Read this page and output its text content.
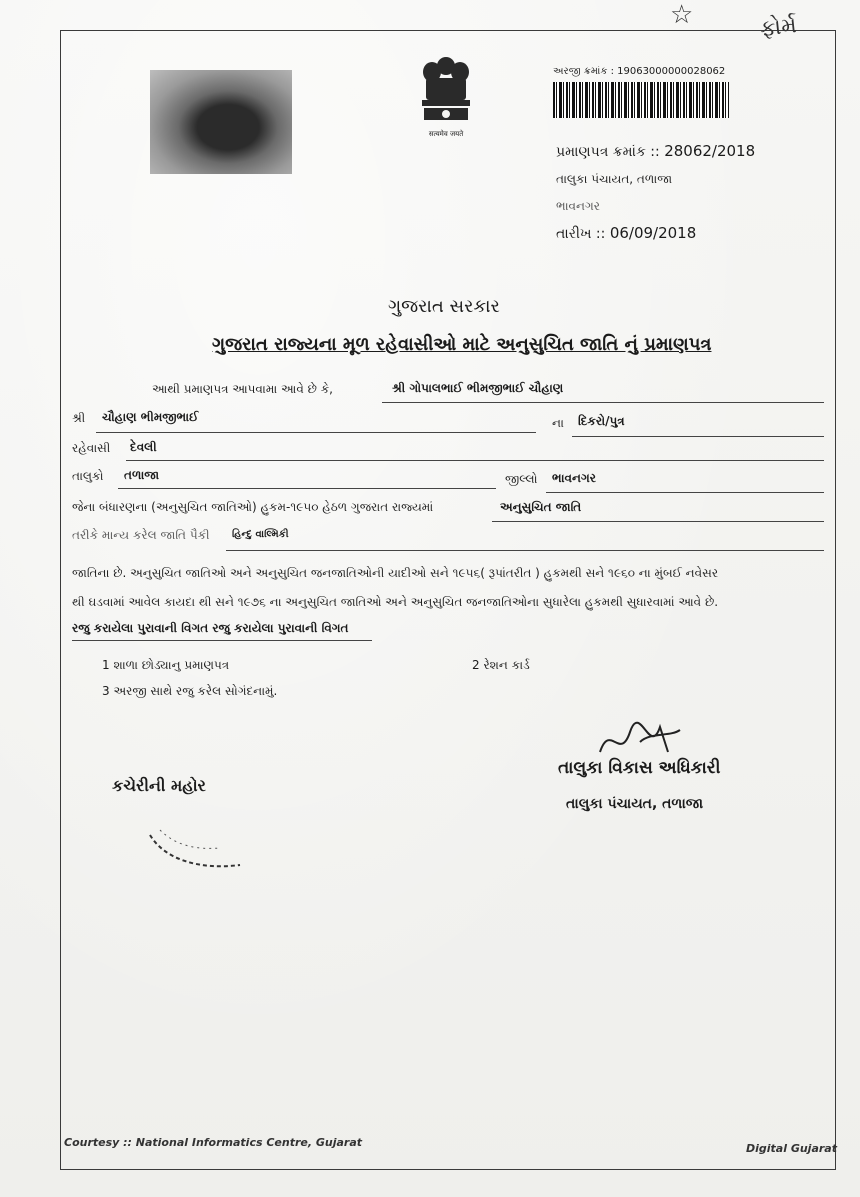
☆	ફોર્મ
सत्यमेव जयते
અરજી ક્રમાંક : 19063000000028062
પ્રમાણપત્ર ક્રમાંક :: 28062/2018
તાલુકા પંચાયત, તળાજા
ભાવનગર
તારીખ :: 06/09/2018
ગુજરાત સરકાર
ગુજરાત રાજ્યના મૂળ રહેવાસીઓ માટે અનુસુચિત જાતિ નું પ્રમાણપત્ર
આથી પ્રમાણપત્ર આપવામા આવે છે કે,	શ્રી ગોપાલભાઈ ભીમજીભાઈ ચૌહાણ
શ્રી ચૌહાણ ભીમજીભાઈ	ના દિકરો/પુત્ર
રહેવાસી દેવલી
તાલુકો તળાજા	જીલ્લો ભાવનગર
જેના બંધારણના (અનુસુચિત જાતિઓ) હુકમ-૧૯૫૦ હેઠળ ગુજરાત રાજ્યમાં	અનુસુચિત જાતિ
તરીકે માન્ય કરેલ જાતિ પૈકી હિન્દુ વાલ્મિકી
જાતિના છે. અનુસુચિત જાતિઓ અને અનુસુચિત જનજાતિઓની યાદીઓ સને ૧૯૫૬( રૂપાંતરીત ) હુકમથી સને ૧૯૬૦ ના મુંબઈ નવેસર
થી ઘડવામાં આવેલ કાયદા થી સને ૧૯૭૬ ના અનુસુચિત જાતિઓ અને અનુસુચિત જનજાતિઓના સુધારેલા હુકમથી સુધારવામાં આવે છે.
રજુ કરાયેલા પુરાવાની વિગત રજુ કરાયેલા પુરાવાની વિગત
1 શાળા છોડ્યાનુ પ્રમાણપત્ર	2 રેશન કાર્ડ
3 અરજી સાથે રજુ કરેલ સોગંદનામું.
તાલુકા વિકાસ અધિકારી
તાલુકા પંચાયત, તળાજા
કચેરીની મહોર
Courtesy :: National Informatics Centre, Gujarat	Digital Gujarat
